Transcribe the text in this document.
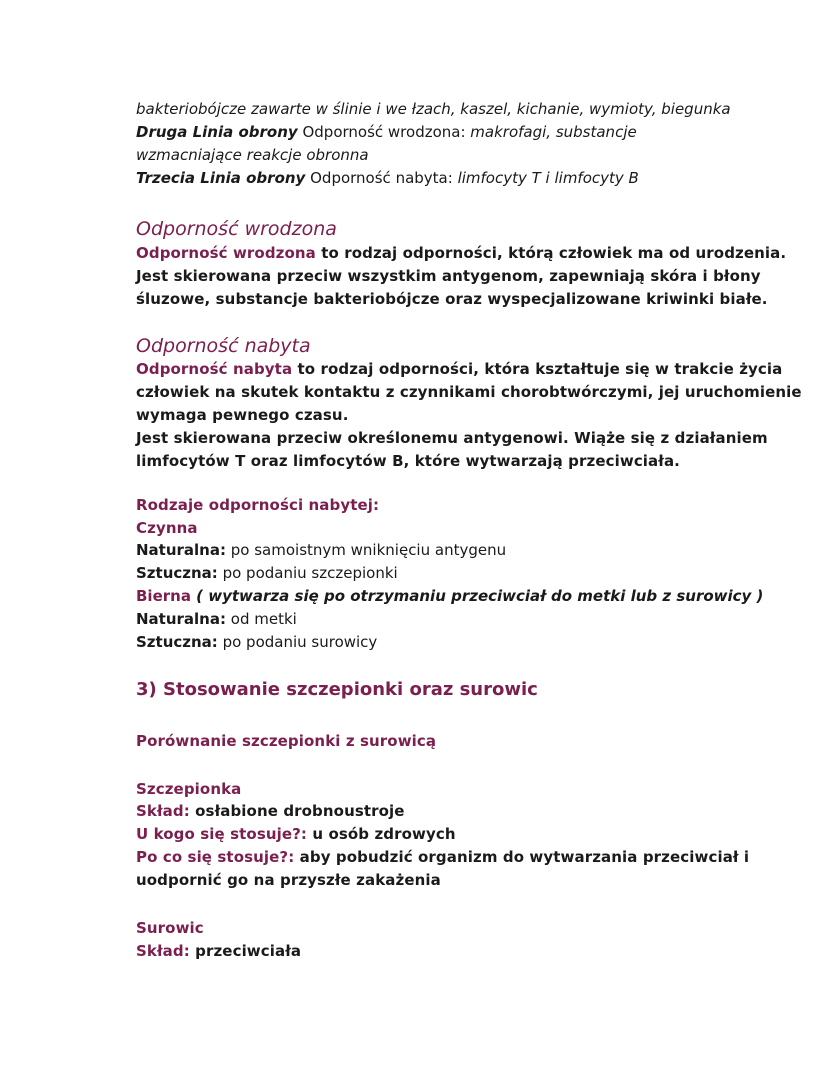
bakteriobójcze zawarte w ślinie i we łzach, kaszel, kichanie, wymioty, biegunka
Druga Linia obrony Odporność wrodzona: makrofagi, substancje
wzmacniające reakcje obronna
Trzecia Linia obrony Odporność nabyta: limfocyty T i limfocyty B
Odporność wrodzona
Odporność wrodzona to rodzaj odporności, którą człowiek ma od urodzenia.
Jest skierowana przeciw wszystkim antygenom, zapewniają skóra i błony
śluzowe, substancje bakteriobójcze oraz wyspecjalizowane kriwinki białe.
Odporność nabyta
Odporność nabyta to rodzaj odporności, która kształtuje się w trakcie życia
człowiek na skutek kontaktu z czynnikami chorobtwórczymi, jej uruchomienie
wymaga pewnego czasu.
Jest skierowana przeciw określonemu antygenowi. Wiąże się z działaniem
limfocytów T oraz limfocytów B, które wytwarzają przeciwciała.
Rodzaje odporności nabytej:
Czynna
Naturalna: po samoistnym wniknięciu antygenu
Sztuczna: po podaniu szczepionki
Bierna ( wytwarza się po otrzymaniu przeciwciał do metki lub z surowicy )
Naturalna: od metki
Sztuczna: po podaniu surowicy
3) Stosowanie szczepionki oraz surowic
Porównanie szczepionki z surowicą
Szczepionka
Skład: osłabione drobnoustroje
U kogo się stosuje?: u osób zdrowych
Po co się stosuje?: aby pobudzić organizm do wytwarzania przeciwciał i
uodpornić go na przyszłe zakażenia
Surowic
Skład: przeciwciała
